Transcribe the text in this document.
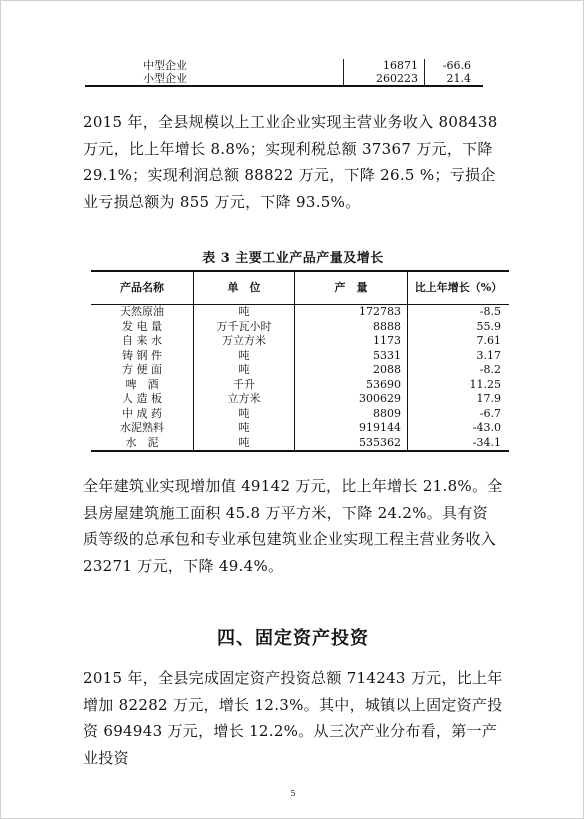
中型企业	16871	-66.6
小型企业	260223	21.4

2015 年，全县规模以上工业企业实现主营业务收入 808438 万元，比上年增长 8.8%；实现利税总额 37367 万元，下降 29.1%；实现利润总额 88822 万元，下降 26.5 %；亏损企业亏损总额为 855 万元，下降 93.5%。

表 3 主要工业产品产量及增长
产品名称	单　位	产　量	比上年增长（%）
天然原油	吨	172783	-8.5
发 电 量	万千瓦小时	8888	55.9
自 来 水	万立方米	1173	7.61
铸 钢 件	吨	5331	3.17
方 便 面	吨	2088	-8.2
啤　酒	千升	53690	11.25
人 造 板	立方米	300629	17.9
中 成 药	吨	8809	-6.7
水泥熟料	吨	919144	-43.0
水　泥	吨	535362	-34.1

全年建筑业实现增加值 49142 万元，比上年增长 21.8%。全县房屋建筑施工面积 45.8 万平方米，下降 24.2%。具有资质等级的总承包和专业承包建筑业企业实现工程主营业务收入 23271 万元，下降 49.4%。

四、固定资产投资

2015 年，全县完成固定资产投资总额 714243 万元，比上年增加 82282 万元，增长 12.3%。其中，城镇以上固定资产投资 694943 万元，增长 12.2%。从三次产业分布看，第一产业投资

5
